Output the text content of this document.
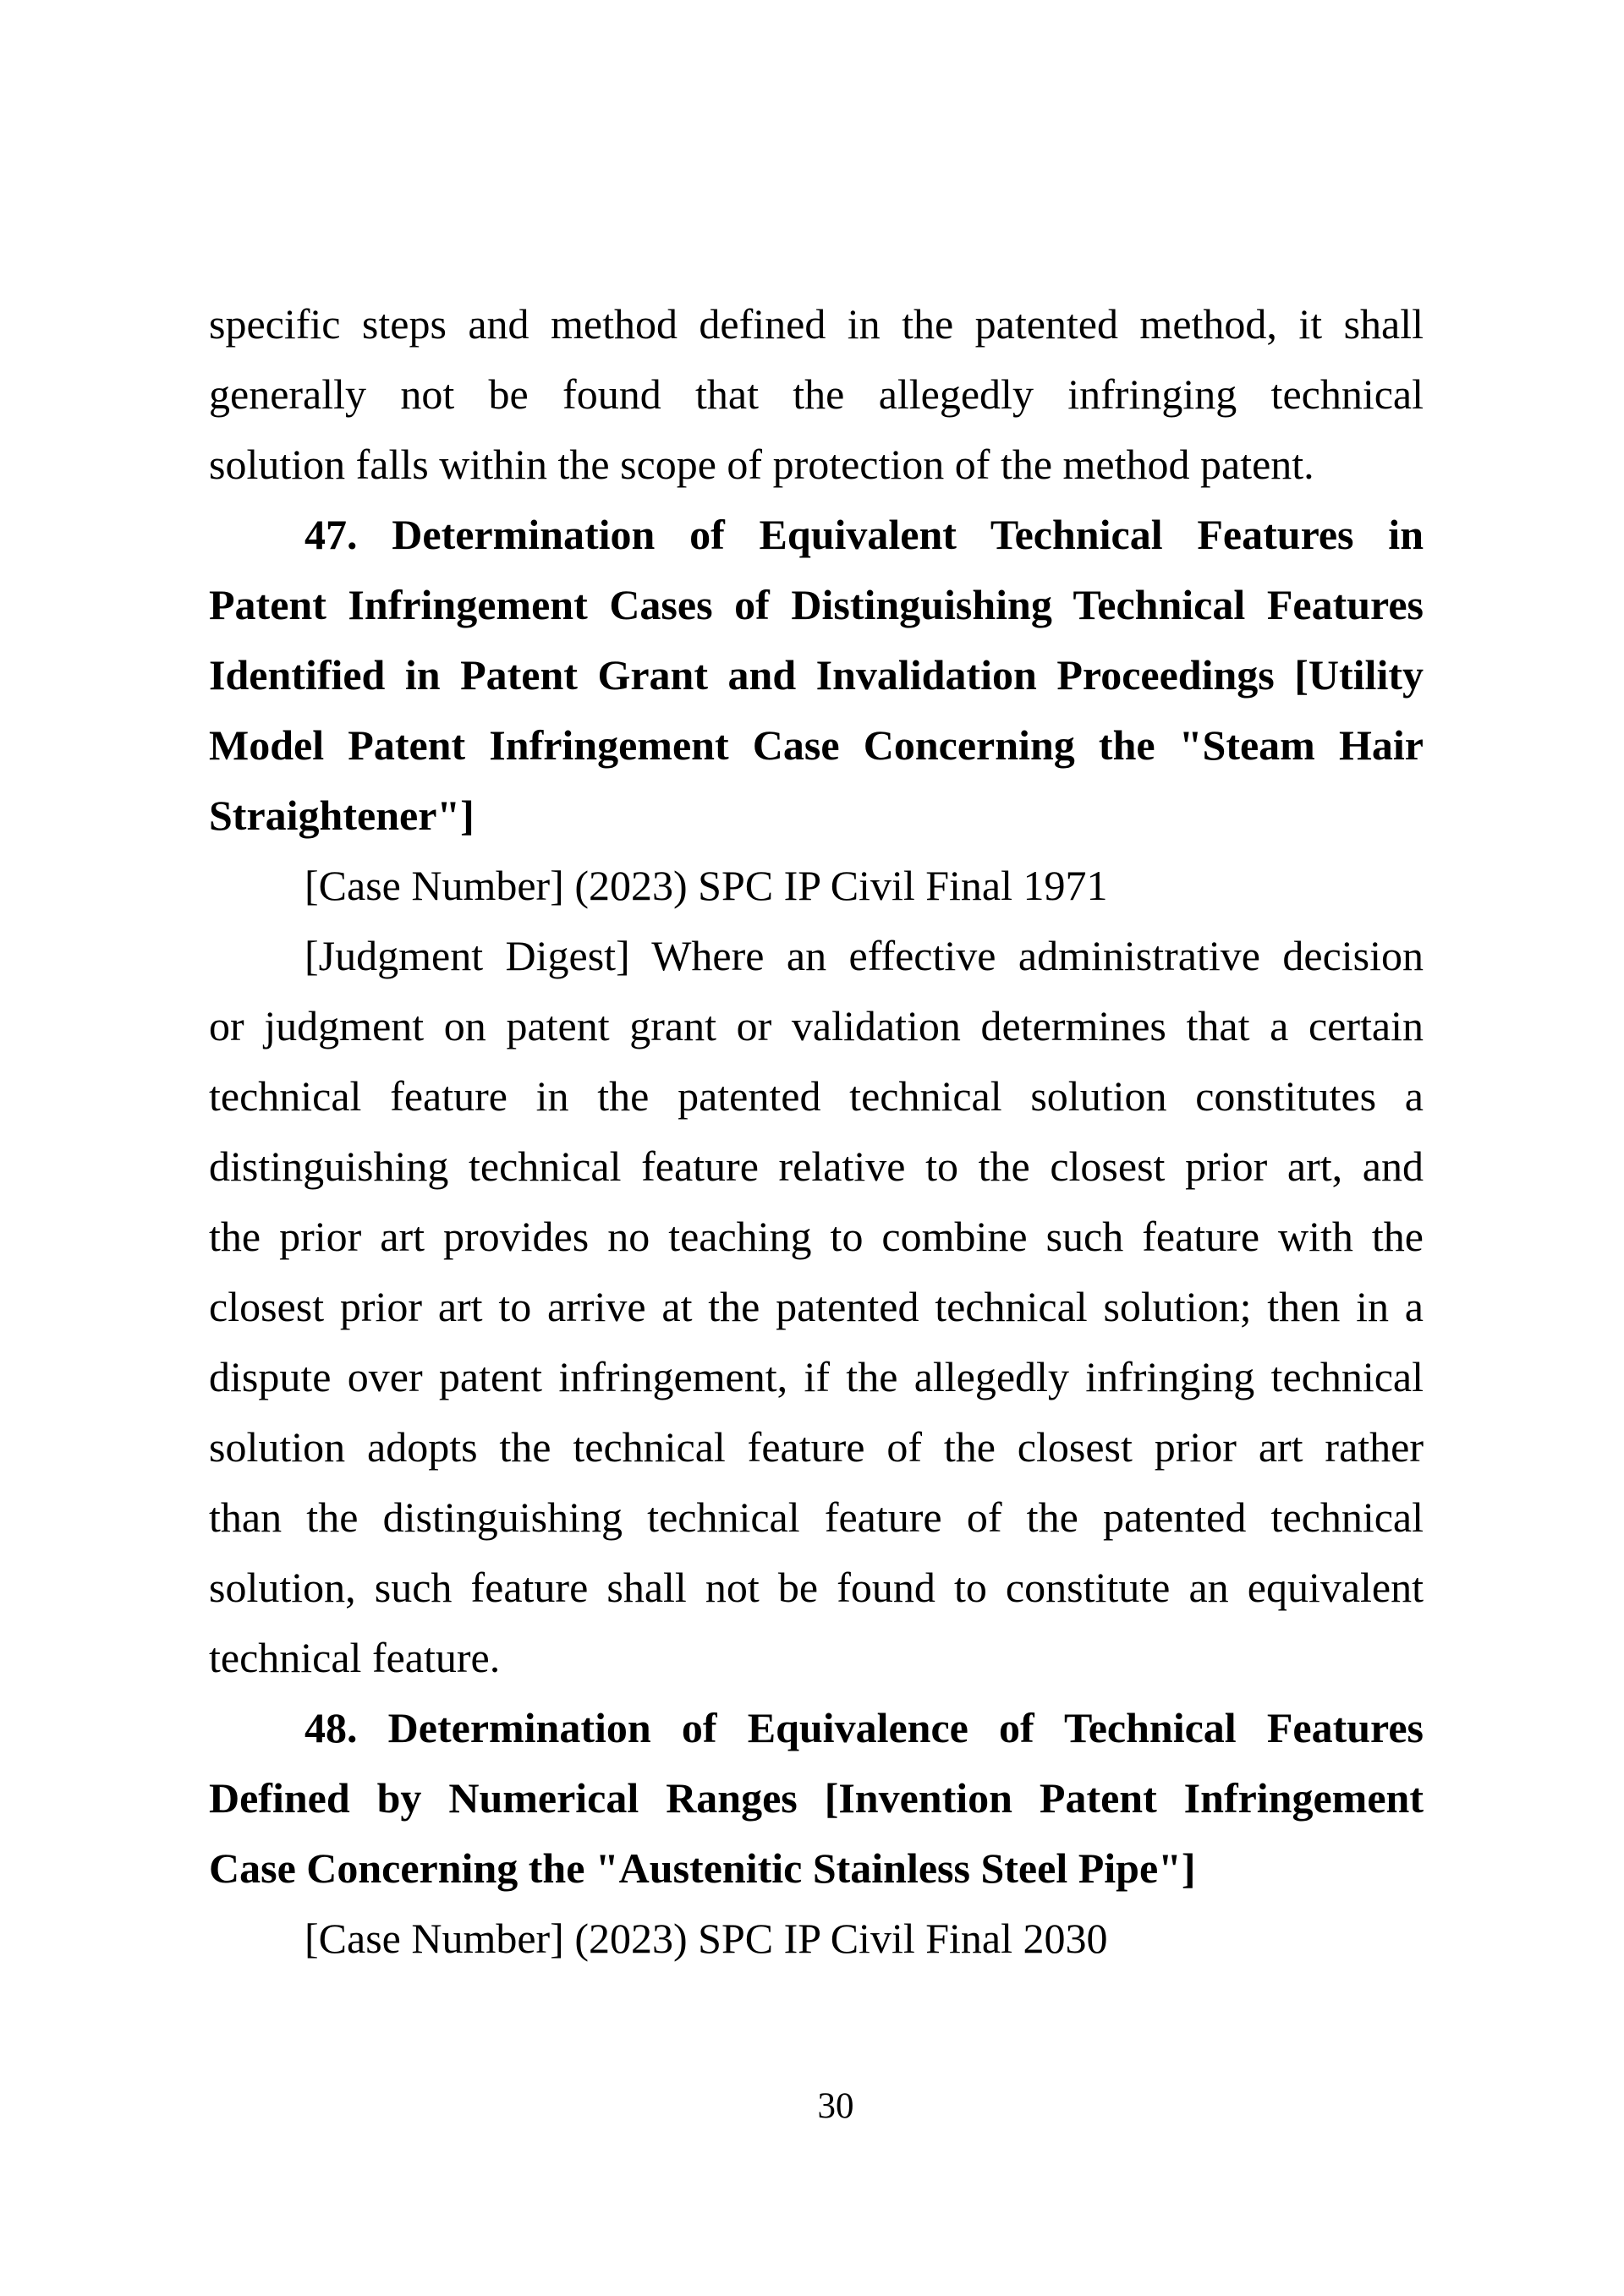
specific steps and method defined in the patented method, it shall
generally not be found that the allegedly infringing technical
solution falls within the scope of protection of the method patent.
47. Determination of Equivalent Technical Features in
Patent Infringement Cases of Distinguishing Technical Features
Identified in Patent Grant and Invalidation Proceedings [Utility
Model Patent Infringement Case Concerning the "Steam Hair
Straightener"]
[Case Number] (2023) SPC IP Civil Final 1971
[Judgment Digest] Where an effective administrative decision
or judgment on patent grant or validation determines that a certain
technical feature in the patented technical solution constitutes a
distinguishing technical feature relative to the closest prior art, and
the prior art provides no teaching to combine such feature with the
closest prior art to arrive at the patented technical solution; then in a
dispute over patent infringement, if the allegedly infringing technical
solution adopts the technical feature of the closest prior art rather
than the distinguishing technical feature of the patented technical
solution, such feature shall not be found to constitute an equivalent
technical feature.
48. Determination of Equivalence of Technical Features
Defined by Numerical Ranges [Invention Patent Infringement
Case Concerning the "Austenitic Stainless Steel Pipe"]
[Case Number] (2023) SPC IP Civil Final 2030
30
